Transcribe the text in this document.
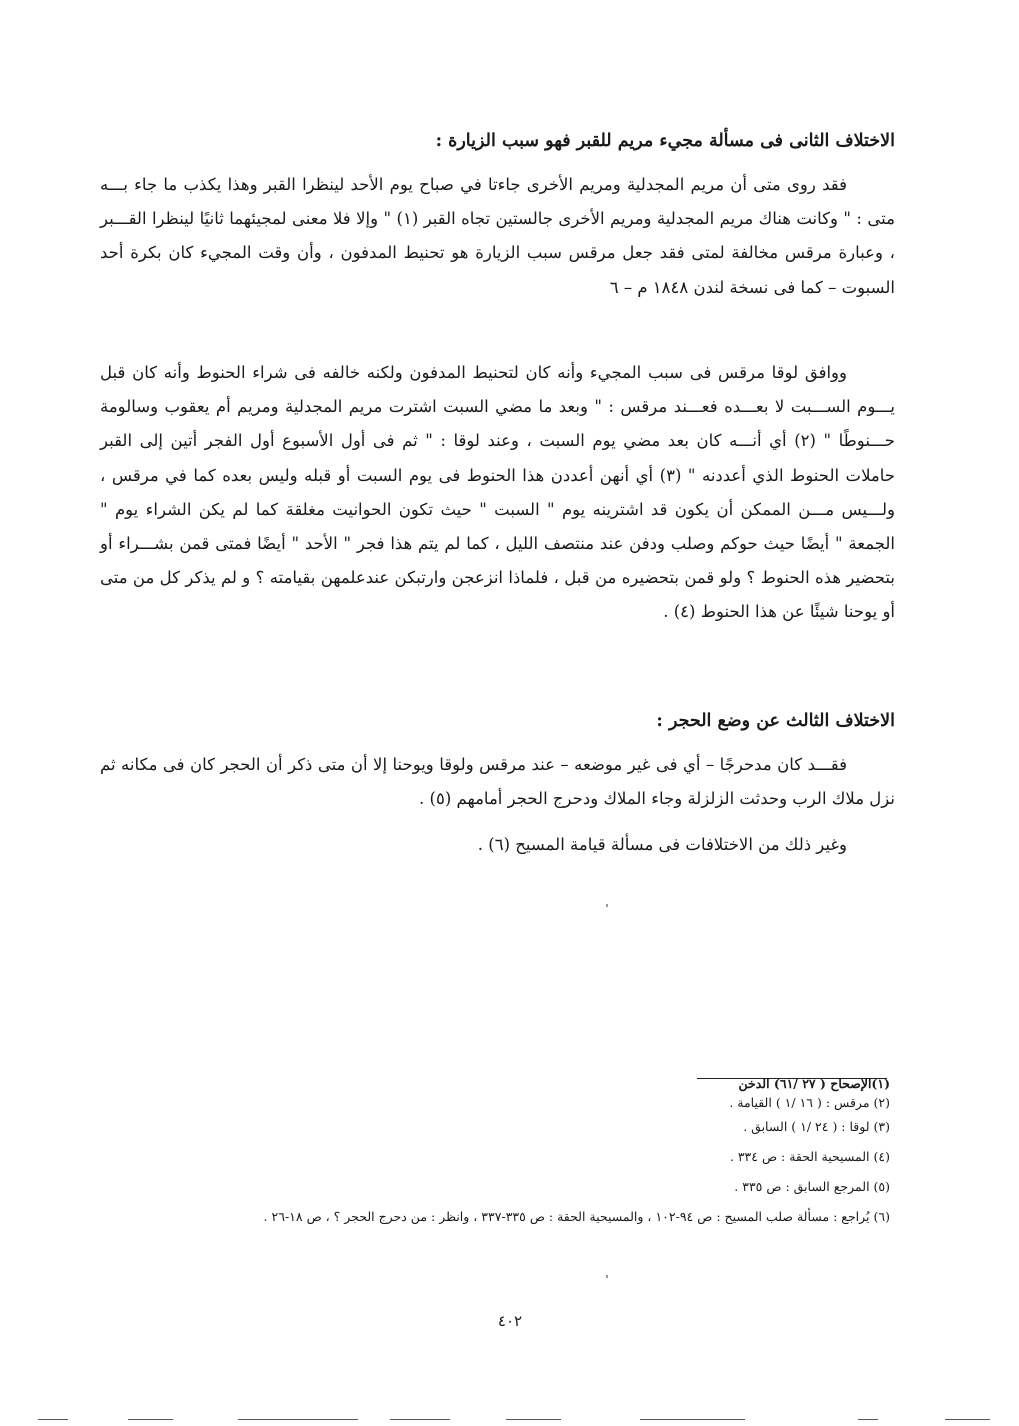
الاختلاف الثانى فى مسألة مجيء مريم للقبر فهو سبب الزيارة :

فقد روى متى أن مريم المجدلية ومريم الأخرى جاءتا في صباح يوم الأحد لينظرا القبر وهذا يكذب ما جاء بـــه متى : " وكانت هناك مريم المجدلية ومريم الأخرى جالستين تجاه القبر (١) " وإلا فلا معنى لمجيئهما ثانيًا لينظرا القـــبر ، وعبارة مرقس مخالفة لمتى فقد جعل مرقس سبب الزيارة هو تحنيط المدفون ، وأن وقت المجيء كان بكرة أحد السبوت – كما فى نسخة لندن ١٨٤٨ م – ٦

ووافق لوقا مرقس فى سبب المجيء وأنه كان لتحنيط المدفون ولكنه خالفه فى شراء الحنوط وأنه كان قبل يـــوم الســـبت لا بعـــده فعـــند مرقس : " وبعد ما مضي السبت اشترت مريم المجدلية ومريم أم يعقوب وسالومة حـــنوطًا " (٢) أي أنـــه كان بعد مضي يوم السبت ، وعند لوقا : " ثم فى أول الأسبوع أول الفجر أتين إلى القبر حاملات الحنوط الذي أعددنه " (٣) أي أنهن أعددن هذا الحنوط فى يوم السبت أو قبله وليس بعده كما في مرقس ، ولـــيس مـــن الممكن أن يكون قد اشترينه يوم " السبت " حيث تكون الحوانيت مغلقة كما لم يكن الشراء يوم " الجمعة " أيضًا حيث حوكم وصلب ودفن عند منتصف الليل ، كما لم يتم هذا فجر " الأحد " أيضًا فمتى قمن بشـــراء أو بتحضير هذه الحنوط ؟ ولو قمن بتحضيره من قبل ، فلماذا انزعجن وارتبكن عندعلمهن بقيامته ؟ و لم يذكر كل من متى أو يوحنا شيئًا عن هذا الحنوط (٤) .

الاختلاف الثالث عن وضع الحجر :

فقـــد كان مدحرجًا – أي فى غير موضعه – عند مرقس ولوقا ويوحنا إلا أن متى ذكر أن الحجر كان فى مكانه ثم نزل ملاك الرب وحدثت الزلزلة وجاء الملاك ودحرج الحجر أمامهم (٥) .

وغير ذلك من الاختلافات فى مسألة قيامة المسيح (٦) .

(١)الإصحاح ( ٢٧ /٦١) الدخن
(٢) مرقس : ( ١٦ /١ ) القيامة .
(٣) لوقا : ( ٢٤ /١ ) السابق .
(٤) المسيحية الحقة : ص ٣٣٤ .
(٥) المرجع السابق : ص ٣٣٥ .
(٦) يُراجع : مسألة صلب المسيح : ص ٩٤-١٠٢ ، والمسيحية الحقة : ص ٣٣٥-٣٣٧ ، وانظر : من دحرج الحجر ؟ ، ص ١٨-٢٦ .
٤٠٢
